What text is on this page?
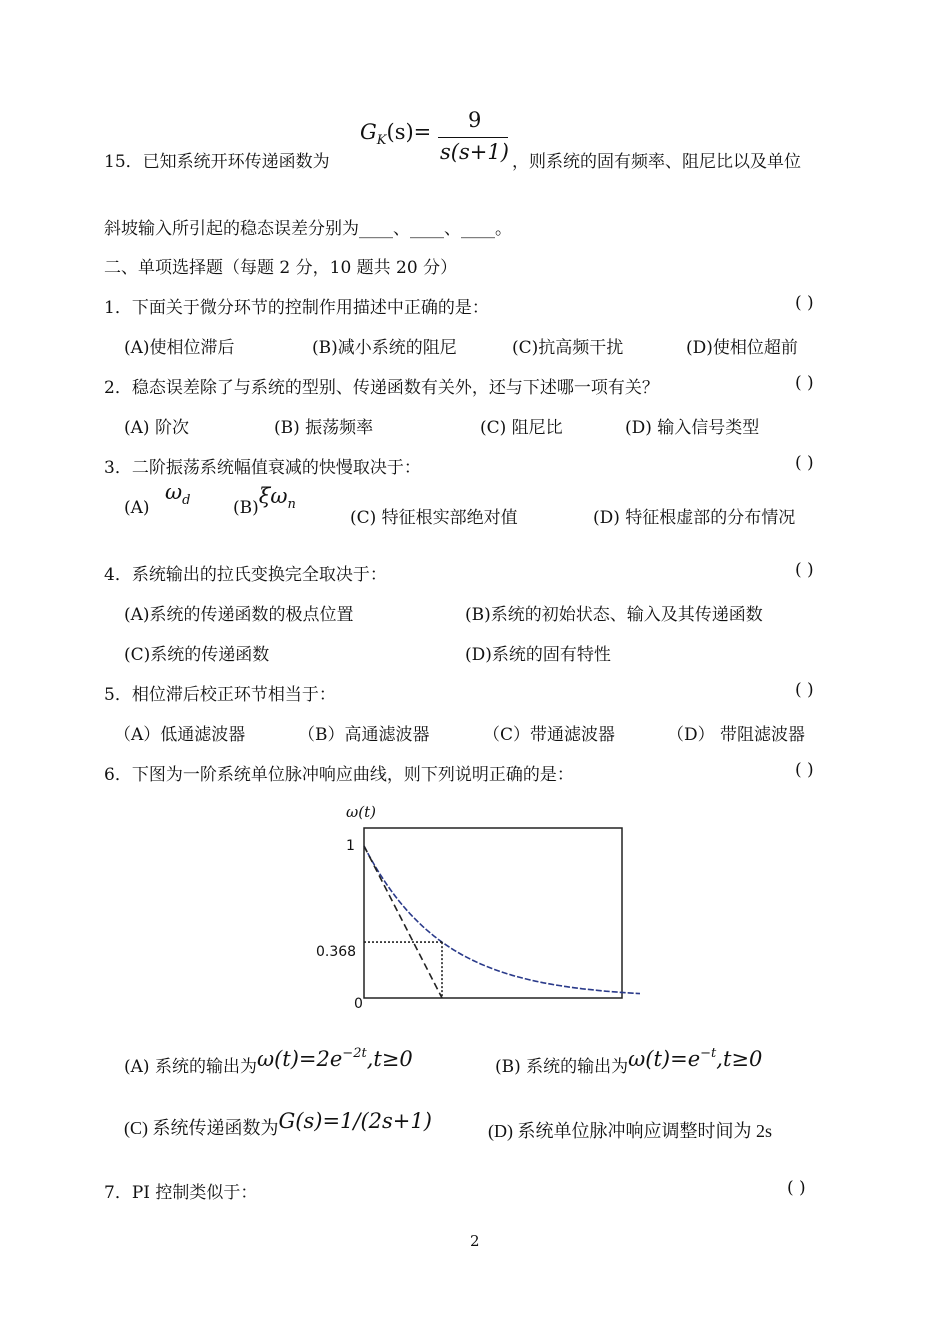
$G_K(s)= 9$
s(s+1)
15．已知系统开环传递函数为	，则系统的固有频率、阻尼比以及单位
斜坡输入所引起的稳态误差分别为____、____、____。
二、单项选择题（每题 2 分，10 题共 20 分）
1．下面关于微分环节的控制作用描述中正确的是：	( )
(A)使相位滞后	(B)减小系统的阻尼	(C)抗高频干扰	(D)使相位超前
2．稳态误差除了与系统的型别、传递函数有关外，还与下述哪一项有关？	( )
(A) 阶次	(B) 振荡频率	(C) 阻尼比	(D) 输入信号类型
3．二阶振荡系统幅值衰减的快慢取决于：	( )
(A) $\omega_d$	$(B)\xi\omega_n$
(C) 特征根实部绝对值	(D) 特征根虚部的分布情况
4．系统输出的拉氏变换完全取决于：	( )
(A)系统的传递函数的极点位置	(B)系统的初始状态、输入及其传递函数
(C)系统的传递函数	(D)系统的固有特性
5．相位滞后校正环节相当于：	( )
（A）低通滤波器	（B）高通滤波器	（C）带通滤波器	（D） 带阻滤波器
6．下图为一阶系统单位脉冲响应曲线，则下列说明正确的是：	( )
ω(t)
1
0.368
0
(A) 系统的输出为$\omega(t)=2e^{-2t},t\ge 0$	(B) 系统的输出为$\omega(t)=e^{-t},t\ge 0$
(C) 系统传递函数为G(s)=1/(2s+1)	(D) 系统单位脉冲响应调整时间为 2s
7．PI 控制类似于：	( )
2
